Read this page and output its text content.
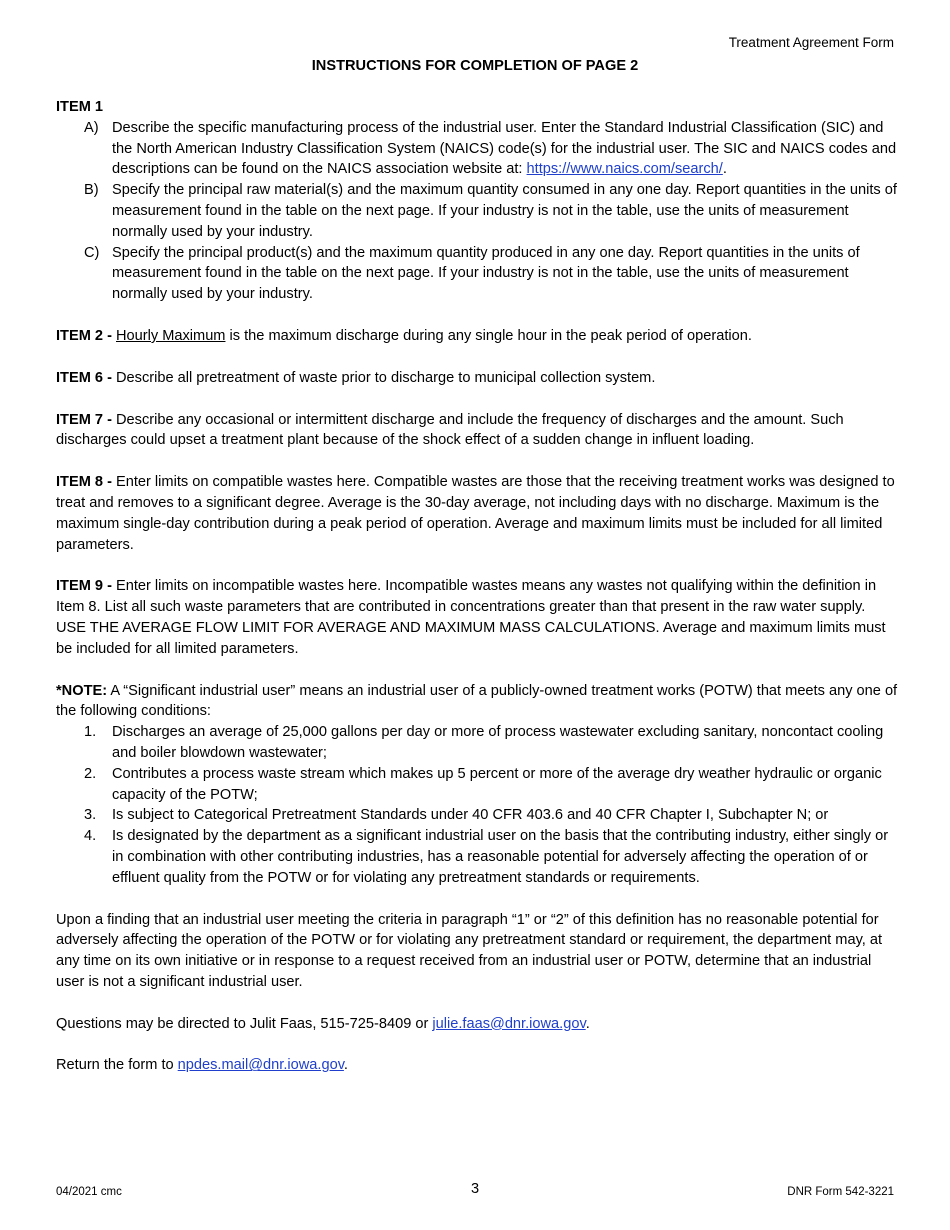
Treatment Agreement Form
INSTRUCTIONS FOR COMPLETION OF PAGE 2

ITEM 1

A) Describe the specific manufacturing process of the industrial user. Enter the Standard Industrial Classification (SIC) and the North American Industry Classification System (NAICS) code(s) for the industrial user. The SIC and NAICS codes and descriptions can be found on the NAICS association website at: https://www.naics.com/search/.
B) Specify the principal raw material(s) and the maximum quantity consumed in any one day. Report quantities in the units of measurement found in the table on the next page. If your industry is not in the table, use the units of measurement normally used by your industry.
C) Specify the principal product(s) and the maximum quantity produced in any one day. Report quantities in the units of measurement found in the table on the next page. If your industry is not in the table, use the units of measurement normally used by your industry.

ITEM 2 - Hourly Maximum is the maximum discharge during any single hour in the peak period of operation.

ITEM 6 - Describe all pretreatment of waste prior to discharge to municipal collection system.

ITEM 7 - Describe any occasional or intermittent discharge and include the frequency of discharges and the amount. Such discharges could upset a treatment plant because of the shock effect of a sudden change in influent loading.

ITEM 8 - Enter limits on compatible wastes here. Compatible wastes are those that the receiving treatment works was designed to treat and removes to a significant degree. Average is the 30-day average, not including days with no discharge. Maximum is the maximum single-day contribution during a peak period of operation. Average and maximum limits must be included for all limited parameters.

ITEM 9 - Enter limits on incompatible wastes here. Incompatible wastes means any wastes not qualifying within the definition in Item 8. List all such waste parameters that are contributed in concentrations greater than that present in the raw water supply. USE THE AVERAGE FLOW LIMIT FOR AVERAGE AND MAXIMUM MASS CALCULATIONS. Average and maximum limits must be included for all limited parameters.

*NOTE: A “Significant industrial user” means an industrial user of a publicly-owned treatment works (POTW) that meets any one of the following conditions:

1. Discharges an average of 25,000 gallons per day or more of process wastewater excluding sanitary, noncontact cooling and boiler blowdown wastewater;
2. Contributes a process waste stream which makes up 5 percent or more of the average dry weather hydraulic or organic capacity of the POTW;
3. Is subject to Categorical Pretreatment Standards under 40 CFR 403.6 and 40 CFR Chapter I, Subchapter N; or
4. Is designated by the department as a significant industrial user on the basis that the contributing industry, either singly or in combination with other contributing industries, has a reasonable potential for adversely affecting the operation of or effluent quality from the POTW or for violating any pretreatment standards or requirements.

Upon a finding that an industrial user meeting the criteria in paragraph “1” or “2” of this definition has no reasonable potential for adversely affecting the operation of the POTW or for violating any pretreatment standard or requirement, the department may, at any time on its own initiative or in response to a request received from an industrial user or POTW, determine that an industrial user is not a significant industrial user.

Questions may be directed to Julit Faas, 515-725-8409 or julie.faas@dnr.iowa.gov.

Return the form to npdes.mail@dnr.iowa.gov.

04/2021 cmc	3	DNR Form 542-3221
